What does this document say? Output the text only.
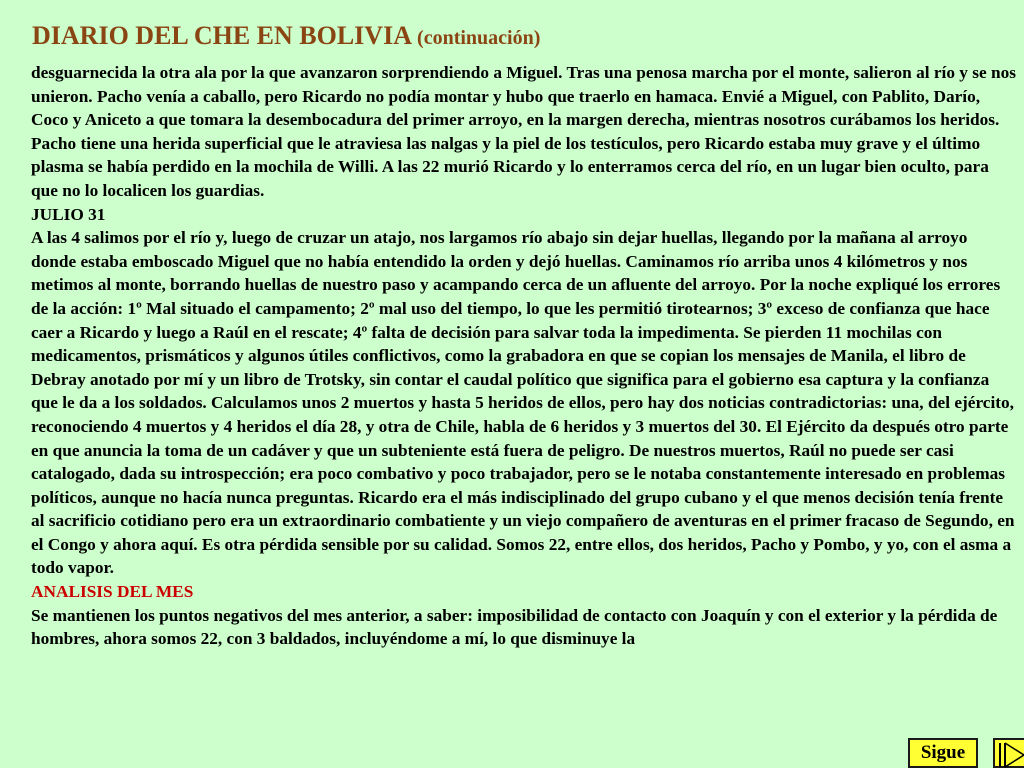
DIARIO DEL CHE EN BOLIVIA (continuación)

desguarnecida la otra ala por la que avanzaron sorprendiendo a Miguel. Tras una penosa marcha por el monte, salieron al río y se nos unieron. Pacho venía a caballo, pero Ricardo no podía montar y hubo que traerlo en hamaca. Envié a Miguel, con Pablito, Darío, Coco y Aniceto a que tomara la desembocadura del primer arroyo, en la margen derecha, mientras nosotros curábamos los heridos. Pacho tiene una herida superficial que le atraviesa las nalgas y la piel de los testículos, pero Ricardo estaba muy grave y el último plasma se había perdido en la mochila de Willi. A las 22 murió Ricardo y lo enterramos cerca del río, en un lugar bien oculto, para que no lo localicen los guardias.

JULIO 31

A las 4 salimos por el río y, luego de cruzar un atajo, nos largamos río abajo sin dejar huellas, llegando por la mañana al arroyo donde estaba emboscado Miguel que no había entendido la orden y dejó huellas. Caminamos río arriba unos 4 kilómetros y nos metimos al monte, borrando huellas de nuestro paso y acampando cerca de un afluente del arroyo. Por la noche expliqué los errores de la acción: 1º Mal situado el campamento; 2º mal uso del tiempo, lo que les permitió tirotearnos; 3º exceso de confianza que hace caer a Ricardo y luego a Raúl en el rescate; 4º falta de decisión para salvar toda la impedimenta. Se pierden 11 mochilas con medicamentos, prismáticos y algunos útiles conflictivos, como la grabadora en que se copian los mensajes de Manila, el libro de Debray anotado por mí y un libro de Trotsky, sin contar el caudal político que significa para el gobierno esa captura y la confianza que le da a los soldados. Calculamos unos 2 muertos y hasta 5 heridos de ellos, pero hay dos noticias contradictorias: una, del ejército, reconociendo 4 muertos y 4 heridos el día 28, y otra de Chile, habla de 6 heridos y 3 muertos del 30. El Ejército da después otro parte en que anuncia la toma de un cadáver y que un subteniente está fuera de peligro. De nuestros muertos, Raúl no puede ser casi catalogado, dada su introspección; era poco combativo y poco trabajador, pero se le notaba constantemente interesado en problemas políticos, aunque no hacía nunca preguntas. Ricardo era el más indisciplinado del grupo cubano y el que menos decisión tenía frente al sacrificio cotidiano pero era un extraordinario combatiente y un viejo compañero de aventuras en el primer fracaso de Segundo, en el Congo y ahora aquí. Es otra pérdida sensible por su calidad. Somos 22, entre ellos, dos heridos, Pacho y Pombo, y yo, con el asma a todo vapor.

ANALISIS DEL MES

Se mantienen los puntos negativos del mes anterior, a saber: imposibilidad de contacto con Joaquín y con el exterior y la pérdida de hombres, ahora somos 22, con 3 baldados, incluyéndome a mí, lo que disminuye la

Sigue
